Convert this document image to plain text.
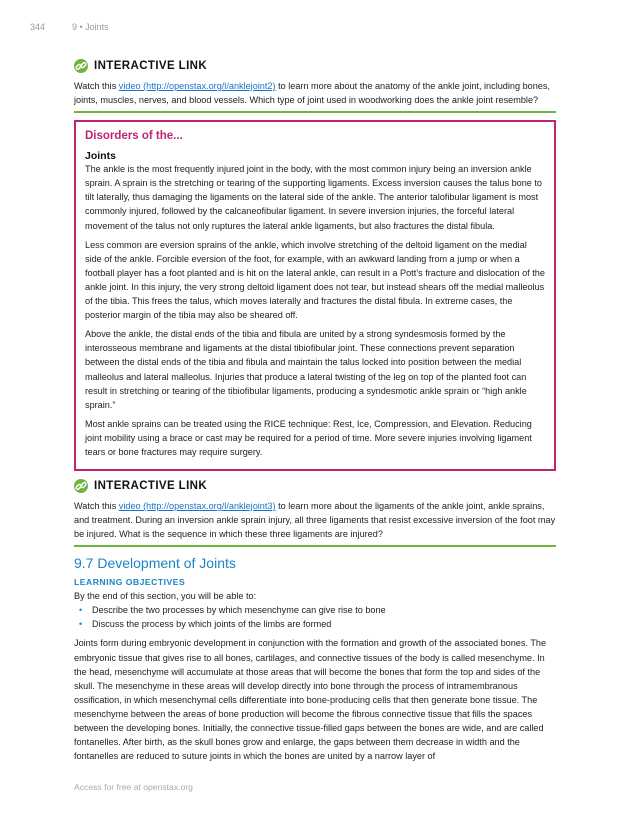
344	9 • Joints
INTERACTIVE LINK

Watch this video (http://openstax.org/l/anklejoint2) to learn more about the anatomy of the ankle joint, including bones, joints, muscles, nerves, and blood vessels. Which type of joint used in woodworking does the ankle joint resemble?

Disorders of the...
Joints

The ankle is the most frequently injured joint in the body, with the most common injury being an inversion ankle sprain. A sprain is the stretching or tearing of the supporting ligaments. Excess inversion causes the talus bone to tilt laterally, thus damaging the ligaments on the lateral side of the ankle. The anterior talofibular ligament is most commonly injured, followed by the calcaneofibular ligament. In severe inversion injuries, the forceful lateral movement of the talus not only ruptures the lateral ankle ligaments, but also fractures the distal fibula.

Less common are eversion sprains of the ankle, which involve stretching of the deltoid ligament on the medial side of the ankle. Forcible eversion of the foot, for example, with an awkward landing from a jump or when a football player has a foot planted and is hit on the lateral ankle, can result in a Pott’s fracture and dislocation of the ankle joint. In this injury, the very strong deltoid ligament does not tear, but instead shears off the medial malleolus of the tibia. This frees the talus, which moves laterally and fractures the distal fibula. In extreme cases, the posterior margin of the tibia may also be sheared off.

Above the ankle, the distal ends of the tibia and fibula are united by a strong syndesmosis formed by the interosseous membrane and ligaments at the distal tibiofibular joint. These connections prevent separation between the distal ends of the tibia and fibula and maintain the talus locked into position between the medial malleolus and lateral malleolus. Injuries that produce a lateral twisting of the leg on top of the planted foot can result in stretching or tearing of the tibiofibular ligaments, producing a syndesmotic ankle sprain or “high ankle sprain.”

Most ankle sprains can be treated using the RICE technique: Rest, Ice, Compression, and Elevation. Reducing joint mobility using a brace or cast may be required for a period of time. More severe injuries involving ligament tears or bone fractures may require surgery.

INTERACTIVE LINK

Watch this video (http://openstax.org/l/anklejoint3) to learn more about the ligaments of the ankle joint, ankle sprains, and treatment. During an inversion ankle sprain injury, all three ligaments that resist excessive inversion of the foot may be injured. What is the sequence in which these three ligaments are injured?

9.7 Development of Joints
LEARNING OBJECTIVES

By the end of this section, you will be able to:

• Describe the two processes by which mesenchyme can give rise to bone
• Discuss the process by which joints of the limbs are formed

Joints form during embryonic development in conjunction with the formation and growth of the associated bones. The embryonic tissue that gives rise to all bones, cartilages, and connective tissues of the body is called mesenchyme. In the head, mesenchyme will accumulate at those areas that will become the bones that form the top and sides of the skull. The mesenchyme in these areas will develop directly into bone through the process of intramembranous ossification, in which mesenchymal cells differentiate into bone-producing cells that then generate bone tissue. The mesenchyme between the areas of bone production will become the fibrous connective tissue that fills the spaces between the developing bones. Initially, the connective tissue-filled gaps between the bones are wide, and are called fontanelles. After birth, as the skull bones grow and enlarge, the gaps between them decrease in width and the fontanelles are reduced to suture joints in which the bones are united by a narrow layer of

Access for free at openstax.org
